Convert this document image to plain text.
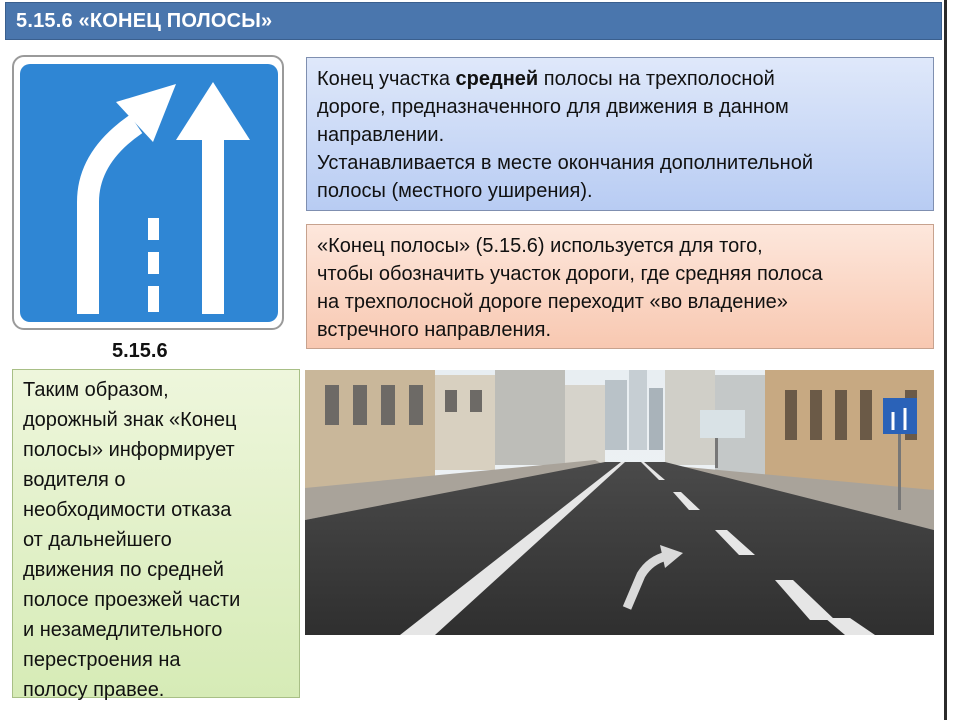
5.15.6 «КОНЕЦ ПОЛОСЫ»
5.15.6
Конец участка средней полосы на трехполосной
дороге, предназначенного для движения в данном
направлении.
Устанавливается в месте окончания дополнительной
полосы (местного уширения).
«Конец полосы» (5.15.6) используется для того,
чтобы обозначить участок дороги, где средняя полоса
на трехполосной дороге переходит «во владение»
встречного направления.
Таким образом,
дорожный знак «Конец
полосы» информирует
водителя о
необходимости отказа
от дальнейшего
движения по средней
полосе проезжей части
и незамедлительного
перестроения на
полосу правее.
